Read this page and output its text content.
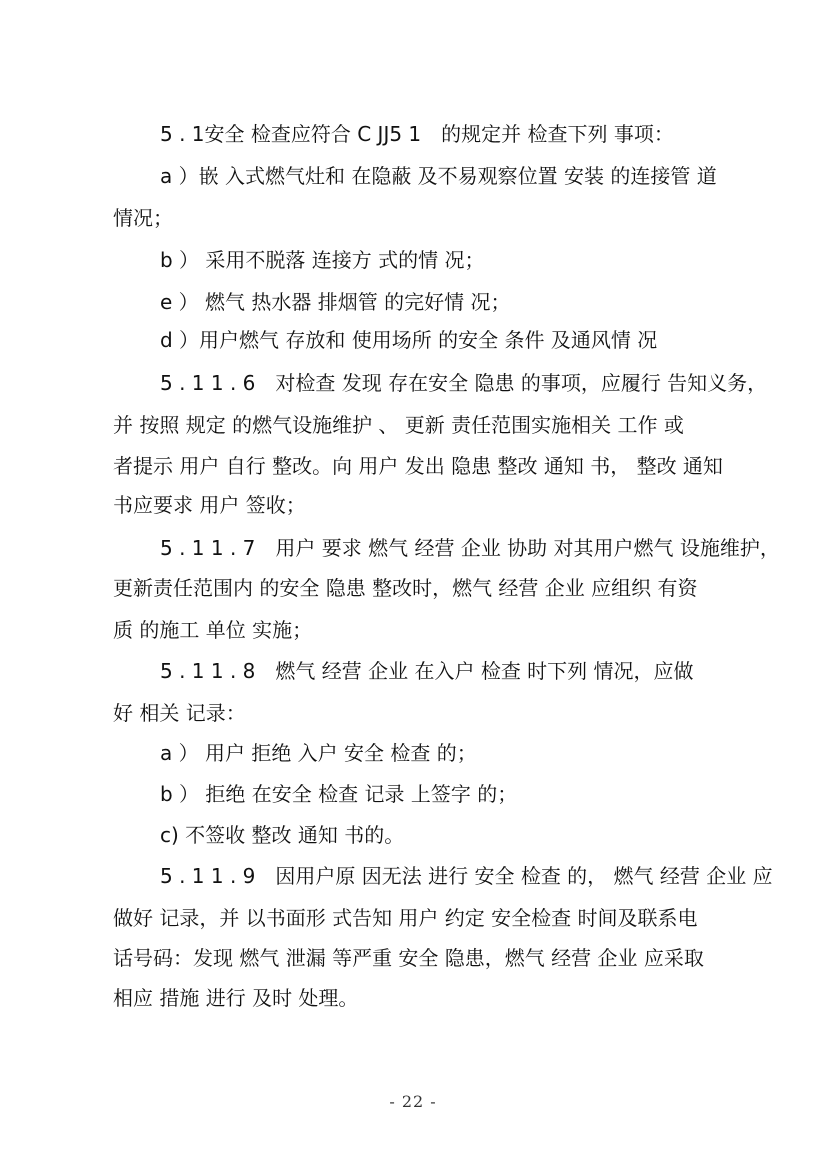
5 . 1安全 检查应符合 C JJ5 1　的规定并 检查下列 事项：
a ）嵌 入式燃气灶和 在隐蔽 及不易观察位置 安装 的连接管 道
情况；
b ） 采用不脱落 连接方 式的情 况；
e ） 燃气 热水器 排烟管 的完好情 况；
d ）用户燃气 存放和 使用场所 的安全 条件 及通风情 况
5 . 1 1 . 6　对检查 发现 存在安全 隐患 的事项，应履行 告知义务，
并 按照 规定 的燃气设施维护 、 更新 责任范围实施相关 工作 或
者提示 用户 自行 整改。向 用户 发出 隐患 整改 通知 书， 整改 通知
书应要求 用户 签收；
5 . 1 1 . 7　用户 要求 燃气 经营 企业 协助 对其用户燃气 设施维护，
更新责任范围内 的安全 隐患 整改时，燃气 经营 企业 应组织 有资
质 的施工 单位 实施；
5 . 1 1 . 8　燃气 经营 企业 在入户 检查 时下列 情况，应做
好 相关 记录：
a ） 用户 拒绝 入户 安全 检查 的；
b ） 拒绝 在安全 检查 记录 上签字 的；
c) 不签收 整改 通知 书的。
5 . 1 1 . 9　因用户原 因无法 进行 安全 检查 的， 燃气 经营 企业 应
做好 记录，并 以书面形 式告知 用户 约定 安全检查 时间及联系电
话号码：发现 燃气 泄漏 等严重 安全 隐患，燃气 经营 企业 应采取
相应 措施 进行 及时 处理。
- 22 -
